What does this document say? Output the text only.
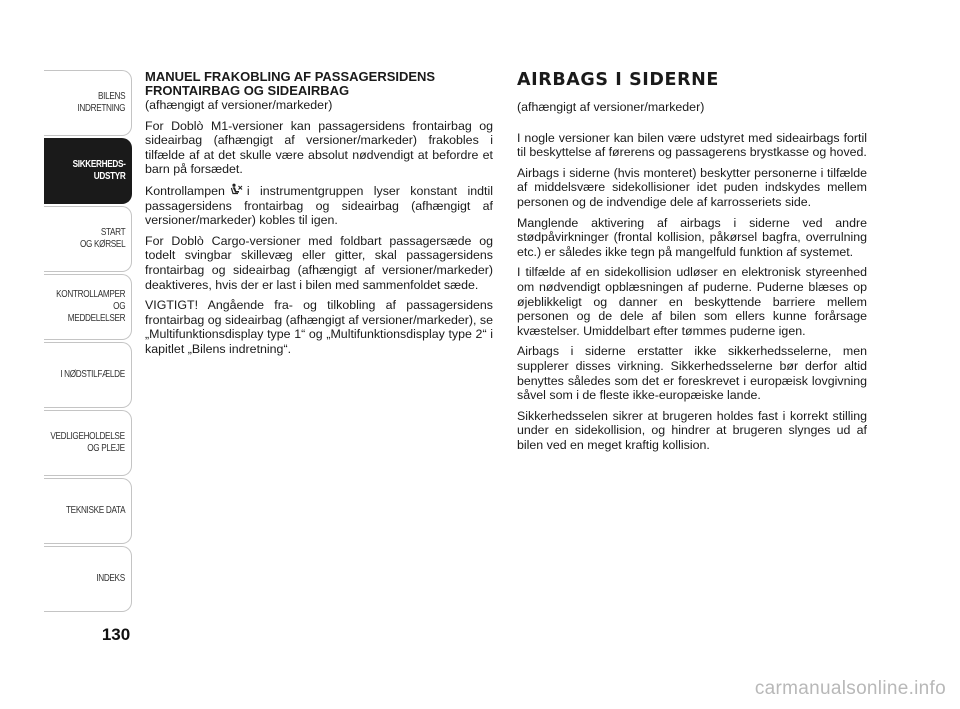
BILENS
INDRETNING
SIKKERHEDS-
UDSTYR
START
OG KØRSEL
KONTROLLAMPER
OG MEDDELELSER
I NØDSTILFÆLDE
VEDLIGEHOLDELSE
OG PLEJE
TEKNISKE DATA
INDEKS
130
MANUEL FRAKOBLING AF PASSAGERSIDENS FRONTAIRBAG OG SIDEAIRBAG

(afhængigt af versioner/markeder)

For Doblò M1-versioner kan passagersidens frontairbag og sideairbag (afhængigt af versioner/markeder) frakobles i tilfælde af at det skulle være absolut nødvendigt at befordre et barn på forsædet.

Kontrollampen i instrumentgruppen lyser konstant indtil passagersidens frontairbag og sideairbag (afhængigt af versioner/markeder) kobles til igen.

For Doblò Cargo-versioner med foldbart passagersæde og todelt svingbar skillevæg eller gitter, skal passagersidens frontairbag og sideairbag (afhængigt af versioner/markeder) deaktiveres, hvis der er last i bilen med sammenfoldet sæde.

VIGTIGT! Angående fra- og tilkobling af passagersidens frontairbag og sideairbag (afhængigt af versioner/markeder), se „Multifunktionsdisplay type 1“ og „Multifunktionsdisplay type 2“ i kapitlet „Bilens indretning“.

AIRBAGS I SIDERNE

(afhængigt af versioner/markeder)

I nogle versioner kan bilen være udstyret med sideairbags fortil til beskyttelse af førerens og passagerens brystkasse og hoved.

Airbags i siderne (hvis monteret) beskytter personerne i tilfælde af middelsvære sidekollisioner idet puden indskydes mellem personen og de indvendige dele af karrosseriets side.

Manglende aktivering af airbags i siderne ved andre stødpåvirkninger (frontal kollision, påkørsel bagfra, overrulning etc.) er således ikke tegn på mangelfuld funktion af systemet.

I tilfælde af en sidekollision udløser en elektronisk styreenhed om nødvendigt opblæsningen af puderne. Puderne blæses op øjeblikkeligt og danner en beskyttende barriere mellem personen og de dele af bilen som ellers kunne forårsage kvæstelser. Umiddelbart efter tømmes puderne igen.

Airbags i siderne erstatter ikke sikkerhedsselerne, men supplerer disses virkning. Sikkerhedsselerne bør derfor altid benyttes således som det er foreskrevet i europæisk lovgivning såvel som i de fleste ikke-europæiske lande.

Sikkerhedsselen sikrer at brugeren holdes fast i korrekt stilling under en sidekollision, og hindrer at brugeren slynges ud af bilen ved en meget kraftig kollision.

carmanualsonline.info
